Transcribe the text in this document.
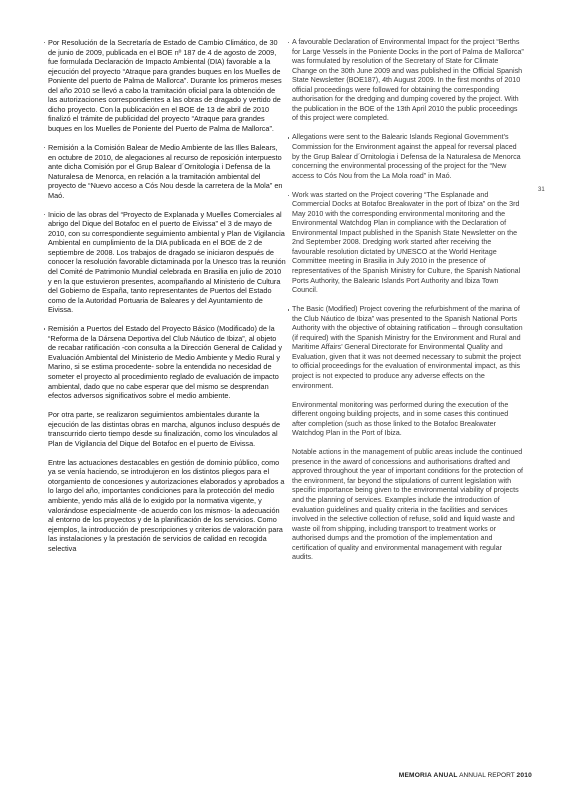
Por Resolución de la Secretaría de Estado de Cambio Climático, de 30 de junio de 2009, publicada en el BOE nº 187 de 4 de agosto de 2009, fue formulada Declaración de Impacto Ambiental (DIA) favorable a la ejecución del proyecto “Atraque para grandes buques en los Muelles de Poniente del puerto de Palma de Mallorca”. Durante los primeros meses del año 2010 se llevó a cabo la tramitación oficial para la obtención de las autorizaciones correspondientes a las obras de dragado y vertido de dicho proyecto. Con la publicación en el BOE de 13 de abril de 2010 finalizó el trámite de publicidad del proyecto “Atraque para grandes buques en los Muelles de Poniente del Puerto de Palma de Mallorca”.
Remisión a la Comisión Balear de Medio Ambiente de las Illes Balears, en octubre de 2010, de alegaciones al recurso de reposición interpuesto ante dicha Comisión por el Grup Balear d´Ornitologia i Defensa de la Naturalesa de Menorca, en relación a la tramitación ambiental del proyecto de “Nuevo acceso a Cós Nou desde la carretera de la Mola” en Maó.
Inicio de las obras del “Proyecto de Explanada y Muelles Comerciales al abrigo del Dique del Botafoc en el puerto de Eivissa” el 3 de mayo de 2010, con su correspondiente seguimiento ambiental y Plan de Vigilancia Ambiental en cumplimiento de la DIA publicada en el BOE de 2 de septiembre de 2008. Los trabajos de dragado se iniciaron después de conocer la resolución favorable dictaminada por la Unesco tras la reunión del Comité de Patrimonio Mundial celebrada en Brasilia en julio de 2010 y en la que estuvieron presentes, acompañando al Ministerio de Cultura del Gobierno de España, tanto representantes de Puertos del Estado como de la Autoridad Portuaria de Baleares y del Ayuntamiento de Eivissa.
Remisión a Puertos del Estado del Proyecto Básico (Modificado) de la “Reforma de la Dársena Deportiva del Club Náutico de Ibiza”, al objeto de recabar ratificación -con consulta a la Dirección General de Calidad y Evaluación Ambiental del Ministerio de Medio Ambiente y Medio Rural y Marino, si se estima procedente- sobre la entendida no necesidad de someter el proyecto al procedimiento reglado de evaluación de impacto ambiental, dado que no cabe esperar que del mismo se desprendan efectos adversos significativos sobre el medio ambiente.
Por otra parte, se realizaron seguimientos ambientales durante la ejecución de las distintas obras en marcha, algunos incluso después de transcurrido cierto tiempo desde su finalización, como los vinculados al Plan de Vigilancia del Dique del Botafoc en el puerto de Eivissa.
Entre las actuaciones destacables en gestión de dominio público, como ya se venía haciendo, se introdujeron en los distintos pliegos para el otorgamiento de concesiones y autorizaciones elaborados y aprobados a lo largo del año, importantes condiciones para la protección del medio ambiente, yendo más allá de lo exigido por la normativa vigente, y valorándose especialmente -de acuerdo con los mismos- la adecuación al entorno de los proyectos y de la planificación de los servicios. Como ejemplos, la introducción de prescripciones y criterios de valoración para las instalaciones y la prestación de servicios de calidad en recogida selectiva
A favourable Declaration of Environmental Impact for the project “Berths for Large Vessels in the Poniente Docks in the port of Palma de Mallorca” was formulated by resolution of the Secretary of State for Climate Change on the 30th June 2009 and was published in the Official Spanish State Newsletter (BOE187), 4th August 2009. In the first months of 2010 official proceedings were followed for obtaining the corresponding authorisation for the dredging and dumping covered by the project. With the publication in the BOE of the 13th April 2010 the public proceedings of this project were completed.
Allegations were sent to the Balearic Islands Regional Government’s Commission for the Environment against the appeal for reversal placed by the Grup Balear d´Ornitologia i Defensa de la Naturalesa de Menorca concerning the environmental processing of the project for the “New access to Cós Nou from the La Mola road” in Maó.
Work was started on the Project covering “The Esplanade and Commercial Docks at Botafoc Breakwater in the port of Ibiza” on the 3rd May 2010 with the corresponding environmental monitoring and the Environmental Watchdog Plan in compliance with the Declaration of Environmental Impact published in the Spanish State Newsletter on the 2nd September 2008. Dredging work started after receiving the favourable resolution dictated by UNESCO at the World Heritage Committee meeting in Brasilia in July 2010 in the presence of representatives of the Spanish Ministry for Culture, the Spanish National Ports Authority, the Balearic Islands Port Authority and Ibiza Town Council.
The Basic (Modified) Project covering the refurbishment of the marina of the Club Náutico de Ibiza” was presented to the Spanish National Ports Authority with the objective of obtaining ratification – through consultation (if required) with the Spanish Ministry for the Environment and Rural and Maritime Affairs’ General Directorate for Environmental Quality and Evaluation, given that it was not deemed necessary to submit the project to official proceedings for the evaluation of environmental impact, as this project is not expected to produce any adverse effects on the environment.
Environmental monitoring was performed during the execution of the different ongoing building projects, and in some cases this continued after completion (such as those linked to the Botafoc Breakwater Watchdog Plan in the Port of Ibiza.
Notable actions in the management of public areas include the continued presence in the award of concessions and authorisations drafted and approved throughout the year of important conditions for the protection of the environment, far beyond the stipulations of current legislation with specific importance being given to the environmental viability of projects and the planning of services. Examples include the introduction of evaluation guidelines and quality criteria in the facilities and services involved in the selective collection of refuse, solid and liquid waste and waste oil from shipping, including transport to treatment works or authorised dumps and the promotion of the implementation and certification of quality and environmental management with regular audits.
31
MEMORIA ANUAL ANNUAL REPORT 2010
